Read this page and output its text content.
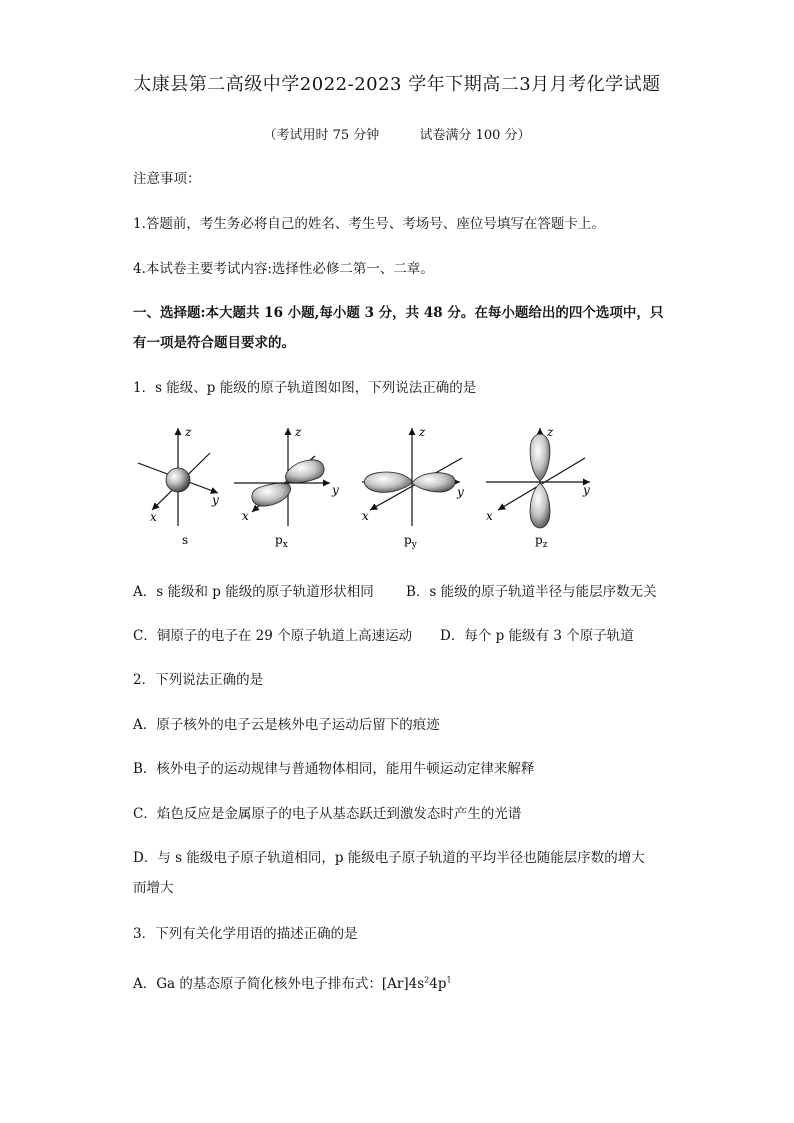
太康县第二高级中学2022-2023 学年下期高二3月月考化学试题
（考试用时 75 分钟	试卷满分 100 分）
注意事项：
1.答题前，考生务必将自己的姓名、考生号、考场号、座位号填写在答题卡上。
4.本试卷主要考试内容:选择性必修二第一、二章。
一、选择题:本大题共 16 小题,每小题 3 分，共 48 分。在每小题给出的四个选项中，只
有一项是符合题目要求的。
1．s 能级、p 能级的原子轨道图如图，下列说法正确的是
z
y
x
s
z
y
x
$p_x$
z
y
x
$p_y$
z
y
x
$p_z$
A．s 能级和 p 能级的原子轨道形状相同 B．s 能级的原子轨道半径与能层序数无关
C．铜原子的电子在 29 个原子轨道上高速运动 D．每个 p 能级有 3 个原子轨道
2．下列说法正确的是
A．原子核外的电子云是核外电子运动后留下的痕迹
B．核外电子的运动规律与普通物体相同，能用牛顿运动定律来解释
C．焰色反应是金属原子的电子从基态跃迁到激发态时产生的光谱
D．与 s 能级电子原子轨道相同，p 能级电子原子轨道的平均半径也随能层序数的增大
而增大
3．下列有关化学用语的描述正确的是
A．Ga 的基态原子简化核外电子排布式：$[Ar]4s^24p^1$
